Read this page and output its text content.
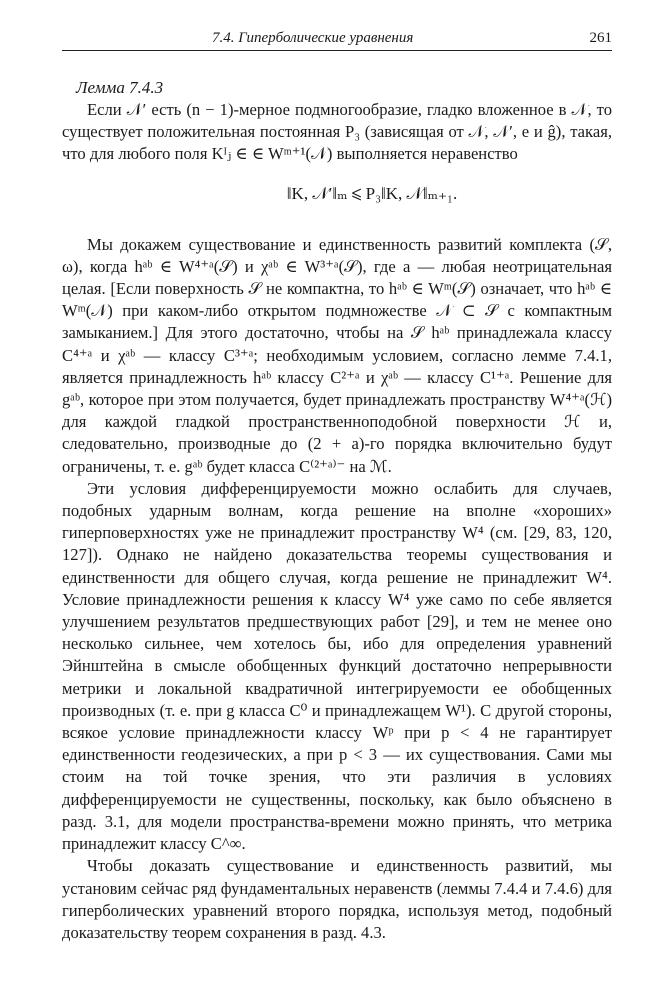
7.4. Гиперболические уравнения	261
Лемма 7.4.3

Если 𝒩′ есть (n − 1)-мерное подмногообразие, гладко вложенное в 𝒩, то существует положительная постоянная P₃ (зависящая от 𝒩, 𝒩′, e и ĝ), такая, что для любого поля Kᴵⱼ ∈ ∈ Wᵐ⁺¹(𝒩) выполняется неравенство

‖K, 𝒩′‖ₘ ⩽ P₃‖K, 𝒩‖ₘ₊₁.

Мы докажем существование и единственность развитий комплекта (𝒮, ω), когда hᵃᵇ ∈ W⁴⁺ᵃ(𝒮) и χᵃᵇ ∈ W³⁺ᵃ(𝒮), где a — любая неотрицательная целая. [Если поверхность 𝒮 не компактна, то hᵃᵇ ∈ Wᵐ(𝒮) означает, что hᵃᵇ ∈ Wᵐ(𝒩) при каком-либо открытом подмножестве 𝒩 ⊂ 𝒮 с компактным замыканием.] Для этого достаточно, чтобы на 𝒮 hᵃᵇ принадлежала классу C⁴⁺ᵃ и χᵃᵇ — классу C³⁺ᵃ; необходимым условием, согласно лемме 7.4.1, является принадлежность hᵃᵇ классу C²⁺ᵃ и χᵃᵇ — классу C¹⁺ᵃ. Решение для gᵃᵇ, которое при этом получается, будет принадлежать пространству W⁴⁺ᵃ(ℋ) для каждой гладкой пространственноподобной поверхности ℋ и, следовательно, производные до (2 + a)-го порядка включительно будут ограничены, т. е. gᵃᵇ будет класса C⁽²⁺ᵃ⁾⁻ на ℳ.

Эти условия дифференцируемости можно ослабить для случаев, подобных ударным волнам, когда решение на вполне «хороших» гиперповерхностях уже не принадлежит пространству W⁴ (см. [29, 83, 120, 127]). Однако не найдено доказательства теоремы существования и единственности для общего случая, когда решение не принадлежит W⁴. Условие принадлежности решения к классу W⁴ уже само по себе является улучшением результатов предшествующих работ [29], и тем не менее оно несколько сильнее, чем хотелось бы, ибо для определения уравнений Эйнштейна в смысле обобщенных функций достаточно непрерывности метрики и локальной квадратичной интегрируемости ее обобщенных производных (т. е. при g класса C⁰ и принадлежащем W¹). С другой стороны, всякое условие принадлежности классу Wᵖ при p < 4 не гарантирует единственности геодезических, а при p < 3 — их существования. Сами мы стоим на той точке зрения, что эти различия в условиях дифференцируемости не существенны, поскольку, как было объяснено в разд. 3.1, для модели пространства-времени можно принять, что метрика принадлежит классу C^∞.

Чтобы доказать существование и единственность развитий, мы установим сейчас ряд фундаментальных неравенств (леммы 7.4.4 и 7.4.6) для гиперболических уравнений второго порядка, используя метод, подобный доказательству теорем сохранения в разд. 4.3.
